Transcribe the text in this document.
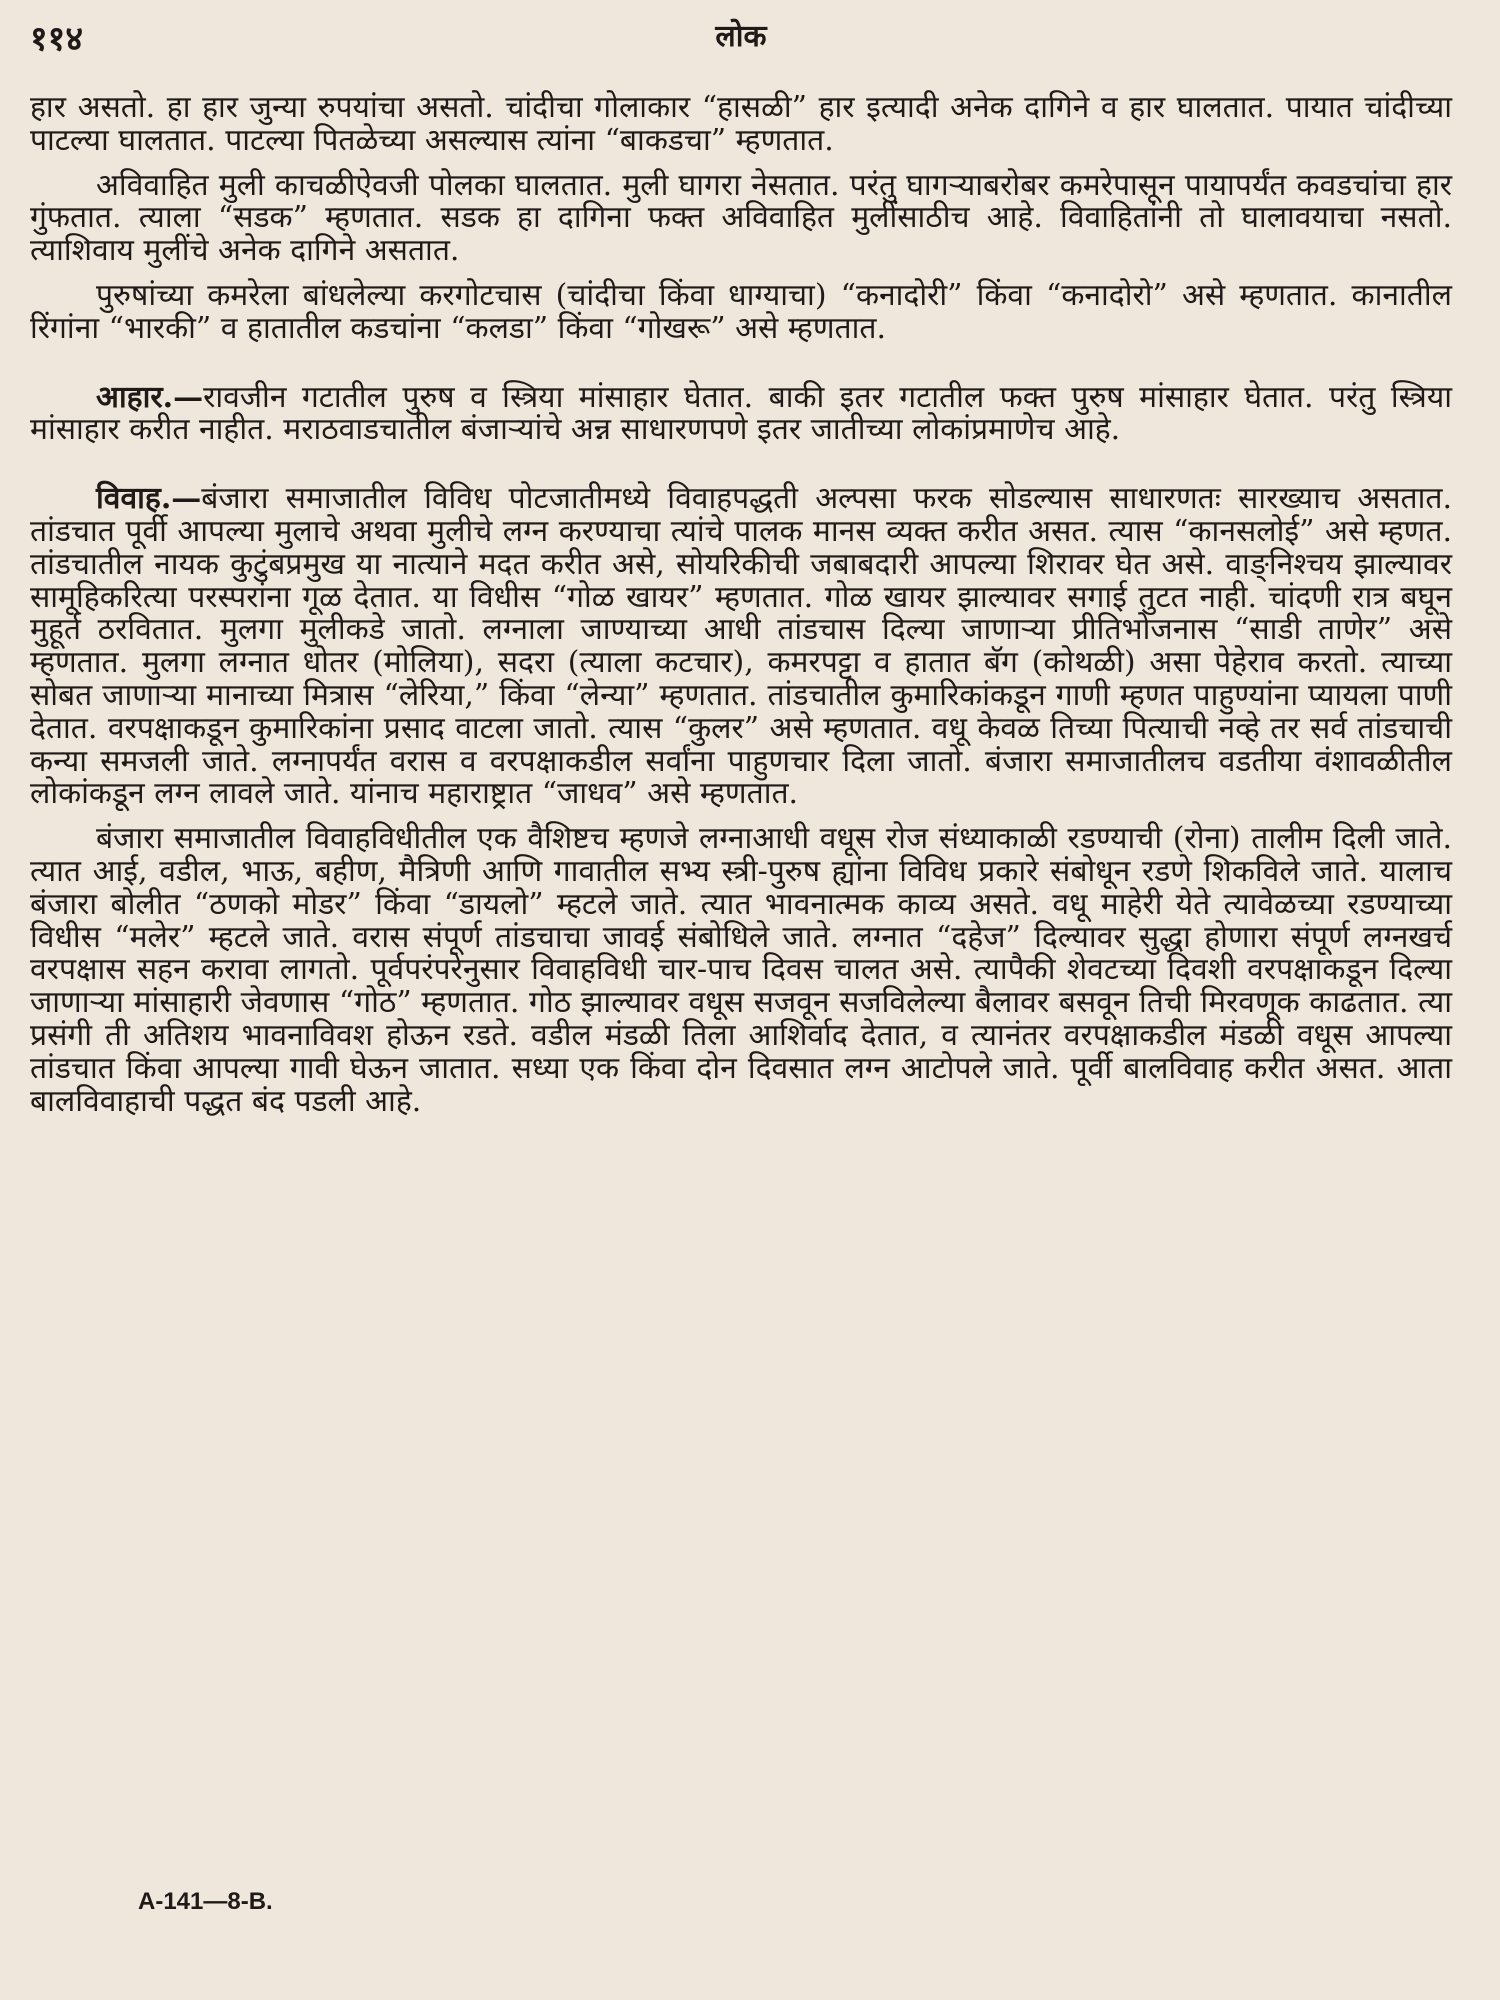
११४	लोक

हार असतो. हा हार जुन्या रुपयांचा असतो. चांदीचा गोलाकार “हासळी” हार इत्यादी अनेक दागिने व हार घालतात. पायात चांदीच्या पाटल्या घालतात. पाटल्या पितळेच्या असल्यास त्यांना “बाकडचा” म्हणतात.

अविवाहित मुली काचळीऐवजी पोलका घालतात. मुली घागरा नेसतात. परंतु घागऱ्याबरोबर कमरेपासून पायापर्यंत कवडचांचा हार गुंफतात. त्याला “सडक” म्हणतात. सडक हा दागिना फक्त अविवाहित मुलींसाठीच आहे. विवाहितांनी तो घालावयाचा नसतो. त्याशिवाय मुलींचे अनेक दागिने असतात.

पुरुषांच्या कमरेला बांधलेल्या करगोटचास (चांदीचा किंवा धाग्याचा) “कनादोरी” किंवा “कनादोरो” असे म्हणतात. कानातील रिंगांना “भारकी” व हातातील कडचांना “कलडा” किंवा “गोखरू” असे म्हणतात.

आहार.—रावजीन गटातील पुरुष व स्त्रिया मांसाहार घेतात. बाकी इतर गटातील फक्त पुरुष मांसाहार घेतात. परंतु स्त्रिया मांसाहार करीत नाहीत. मराठवाडचातील बंजाऱ्यांचे अन्न साधारणपणे इतर जातीच्या लोकांप्रमाणेच आहे.

विवाह.—बंजारा समाजातील विविध पोटजातीमध्ये विवाहपद्धती अल्पसा फरक सोडल्यास साधारणतः सारख्याच असतात. तांडचात पूर्वी आपल्या मुलाचे अथवा मुलीचे लग्न करण्याचा त्यांचे पालक मानस व्यक्त करीत असत. त्यास “कानसलोई” असे म्हणत. तांडचातील नायक कुटुंबप्रमुख या नात्याने मदत करीत असे, सोयरिकीची जबाबदारी आपल्या शिरावर घेत असे. वाङ्निश्चय झाल्यावर सामूहिकरित्या परस्परांना गूळ देतात. या विधीस “गोळ खायर” म्हणतात. गोळ खायर झाल्यावर सगाई तुटत नाही. चांदणी रात्र बघून मुहूर्त ठरवितात. मुलगा मुलीकडे जातो. लग्नाला जाण्याच्या आधी तांडचास दिल्या जाणाऱ्या प्रीतिभोजनास “साडी ताणेर” असे म्हणतात. मुलगा लग्नात धोतर (मोलिया), सदरा (त्याला कटचार), कमरपट्टा व हातात बॅग (कोथळी) असा पेहेराव करतो. त्याच्या सोबत जाणाऱ्या मानाच्या मित्रास “लेरिया,” किंवा “लेन्या” म्हणतात. तांडचातील कुमारिकांकडून गाणी म्हणत पाहुण्यांना प्यायला पाणी देतात. वरपक्षाकडून कुमारिकांना प्रसाद वाटला जातो. त्यास “कुलर” असे म्हणतात. वधू केवळ तिच्या पित्याची नव्हे तर सर्व तांडचाची कन्या समजली जाते. लग्नापर्यंत वरास व वरपक्षाकडील सर्वांना पाहुणचार दिला जातो. बंजारा समाजातीलच वडतीया वंशावळीतील लोकांकडून लग्न लावले जाते. यांनाच महाराष्ट्रात “जाधव” असे म्हणतात.

बंजारा समाजातील विवाहविधीतील एक वैशिष्टच म्हणजे लग्नाआधी वधूस रोज संध्याकाळी रडण्याची (रोना) तालीम दिली जाते. त्यात आई, वडील, भाऊ, बहीण, मैत्रिणी आणि गावातील सभ्य स्त्री-पुरुष ह्यांना विविध प्रकारे संबोधून रडणे शिकविले जाते. यालाच बंजारा बोलीत “ठणको मोडर” किंवा “डायलो” म्हटले जाते. त्यात भावनात्मक काव्य असते. वधू माहेरी येते त्यावेळच्या रडण्याच्या विधीस “मलेर” म्हटले जाते. वरास संपूर्ण तांडचाचा जावई संबोधिले जाते. लग्नात “दहेज” दिल्यावर सुद्धा होणारा संपूर्ण लग्नखर्च वरपक्षास सहन करावा लागतो. पूर्वपरंपरेनुसार विवाहविधी चार-पाच दिवस चालत असे. त्यापैकी शेवटच्या दिवशी वरपक्षाकडून दिल्या जाणाऱ्या मांसाहारी जेवणास “गोठ” म्हणतात. गोठ झाल्यावर वधूस सजवून सजविलेल्या बैलावर बसवून तिची मिरवणूक काढतात. त्या प्रसंगी ती अतिशय भावनाविवश होऊन रडते. वडील मंडळी तिला आशिर्वाद देतात, व त्यानंतर वरपक्षाकडील मंडळी वधूस आपल्या तांडचात किंवा आपल्या गावी घेऊन जातात. सध्या एक किंवा दोन दिवसात लग्न आटोपले जाते. पूर्वी बालविवाह करीत असत. आता बालविवाहाची पद्धत बंद पडली आहे.

A-141—8-B.
